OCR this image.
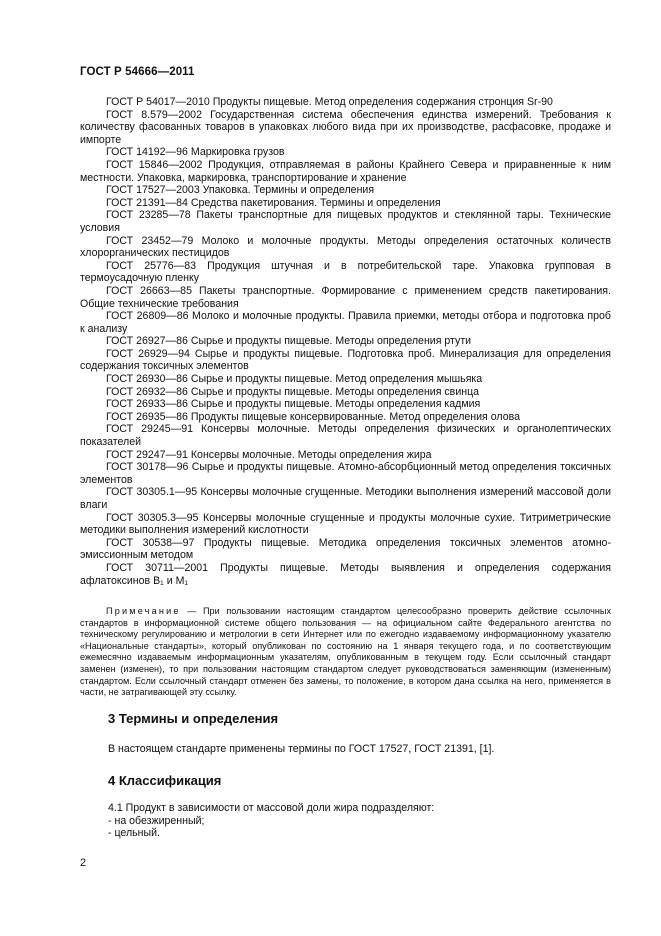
ГОСТ Р 54666—2011

ГОСТ Р 54017—2010 Продукты пищевые. Метод определения содержания стронция Sr-90

ГОСТ 8.579—2002 Государственная система обеспечения единства измерений. Требования к количеству фасованных товаров в упаковках любого вида при их производстве, расфасовке, продаже и импорте

ГОСТ 14192—96 Маркировка грузов

ГОСТ 15846—2002 Продукция, отправляемая в районы Крайнего Севера и приравненные к ним местности. Упаковка, маркировка, транспортирование и хранение

ГОСТ 17527—2003 Упаковка. Термины и определения

ГОСТ 21391—84 Средства пакетирования. Термины и определения

ГОСТ 23285—78 Пакеты транспортные для пищевых продуктов и стеклянной тары. Технические условия

ГОСТ 23452—79 Молоко и молочные продукты. Методы определения остаточных количеств хлорорганических пестицидов

ГОСТ 25776—83 Продукция штучная и в потребительской таре. Упаковка групповая в термоусадочную пленку

ГОСТ 26663—85 Пакеты транспортные. Формирование с применением средств пакетирования. Общие технические требования

ГОСТ 26809—86 Молоко и молочные продукты. Правила приемки, методы отбора и подготовка проб к анализу

ГОСТ 26927—86 Сырье и продукты пищевые. Методы определения ртути

ГОСТ 26929—94 Сырье и продукты пищевые. Подготовка проб. Минерализация для определения содержания токсичных элементов

ГОСТ 26930—86 Сырье и продукты пищевые. Метод определения мышьяка

ГОСТ 26932—86 Сырье и продукты пищевые. Методы определения свинца

ГОСТ 26933—86 Сырье и продукты пищевые. Методы определения кадмия

ГОСТ 26935—86 Продукты пищевые консервированные. Метод определения олова

ГОСТ 29245—91 Консервы молочные. Методы определения физических и органолептических показателей

ГОСТ 29247—91 Консервы молочные. Методы определения жира

ГОСТ 30178—96 Сырье и продукты пищевые. Атомно-абсорбционный метод определения токсичных элементов

ГОСТ 30305.1—95 Консервы молочные сгущенные. Методики выполнения измерений массовой доли влаги

ГОСТ 30305.3—95 Консервы молочные сгущенные и продукты молочные сухие. Титриметрические методики выполнения измерений кислотности

ГОСТ 30538—97 Продукты пищевые. Методика определения токсичных элементов атомно-эмиссионным методом

ГОСТ 30711—2001 Продукты пищевые. Методы выявления и определения содержания афлатоксинов B₁ и M₁

Примечание — При пользовании настоящим стандартом целесообразно проверить действие ссылочных стандартов в информационной системе общего пользования — на официальном сайте Федерального агентства по техническому регулированию и метрологии в сети Интернет или по ежегодно издаваемому информационному указателю «Национальные стандарты», который опубликован по состоянию на 1 января текущего года, и по соответствующим ежемесячно издаваемым информационным указателям, опубликованным в текущем году. Если ссылочный стандарт заменен (изменен), то при пользовании настоящим стандартом следует руководствоваться заменяющим (измененным) стандартом. Если ссылочный стандарт отменен без замены, то положение, в котором дана ссылка на него, применяется в части, не затрагивающей эту ссылку.
3 Термины и определения
В настоящем стандарте применены термины по ГОСТ 17527, ГОСТ 21391, [1].
4 Классификация
4.1 Продукт в зависимости от массовой доли жира подразделяют:
- на обезжиренный;
- цельный.
2
